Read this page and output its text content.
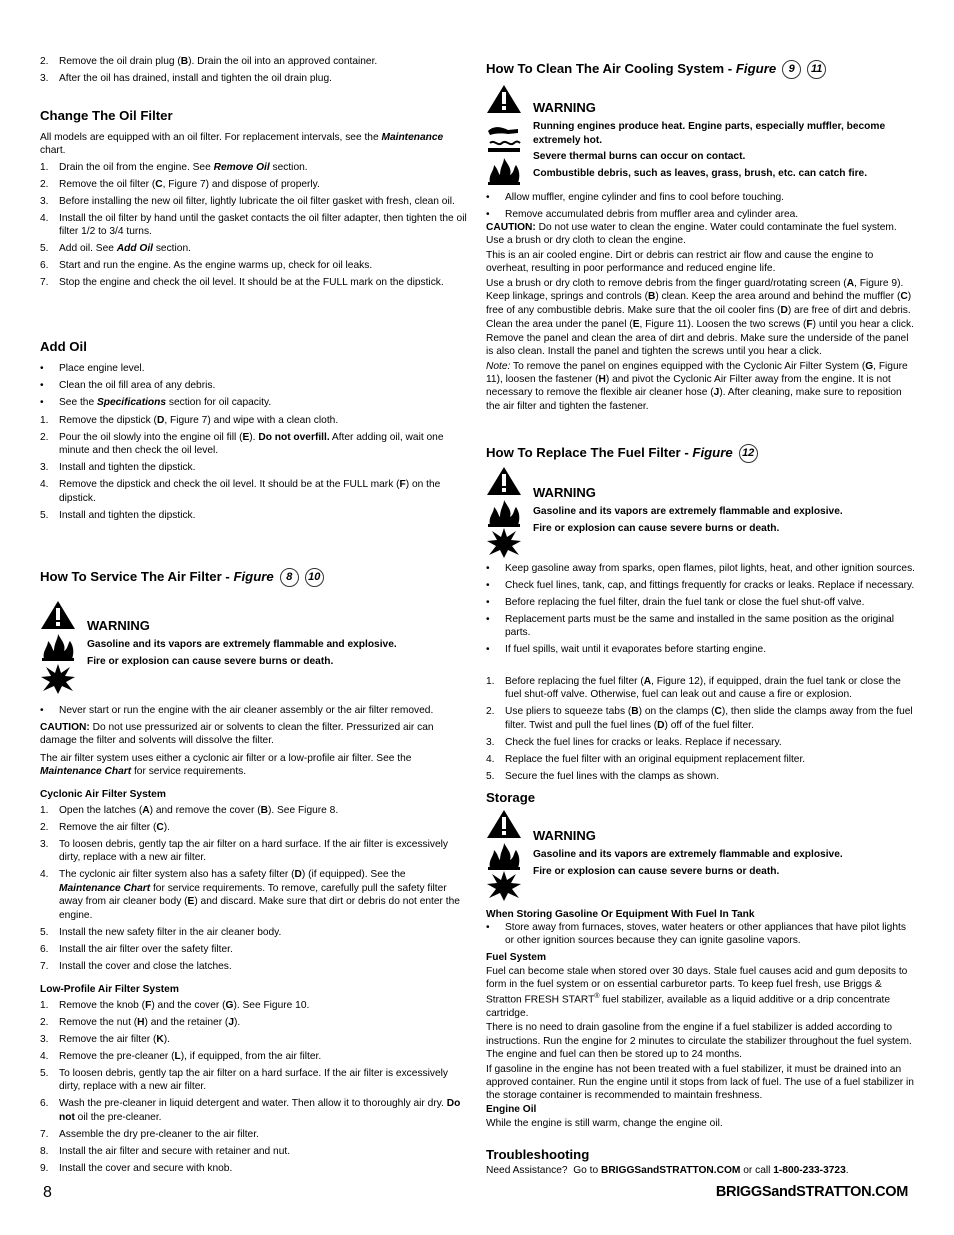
2. Remove the oil drain plug (B). Drain the oil into an approved container.
3. After the oil has drained, install and tighten the oil drain plug.
Change The Oil Filter

All models are equipped with an oil filter. For replacement intervals, see the Maintenance chart.

1. Drain the oil from the engine. See Remove Oil section.
2. Remove the oil filter (C, Figure 7) and dispose of properly.
3. Before installing the new oil filter, lightly lubricate the oil filter gasket with fresh, clean oil.
4. Install the oil filter by hand until the gasket contacts the oil filter adapter, then tighten the oil filter 1/2 to 3/4 turns.
5. Add oil. See Add Oil section.
6. Start and run the engine. As the engine warms up, check for oil leaks.
7. Stop the engine and check the oil level. It should be at the FULL mark on the dipstick.
Add Oil
• Place engine level.
• Clean the oil fill area of any debris.
• See the Specifications section for oil capacity.
1. Remove the dipstick (D, Figure 7) and wipe with a clean cloth.
2. Pour the oil slowly into the engine oil fill (E). Do not overfill. After adding oil, wait one minute and then check the oil level.
3. Install and tighten the dipstick.
4. Remove the dipstick and check the oil level. It should be at the FULL mark (F) on the dipstick.
5. Install and tighten the dipstick.
How To Service The Air Filter - Figure 8 10
WARNING
Gasoline and its vapors are extremely flammable and explosive.
Fire or explosion can cause severe burns or death.
• Never start or run the engine with the air cleaner assembly or the air filter removed.

CAUTION: Do not use pressurized air or solvents to clean the filter. Pressurized air can damage the filter and solvents will dissolve the filter.

The air filter system uses either a cyclonic air filter or a low-profile air filter. See the Maintenance Chart for service requirements.

Cyclonic Air Filter System
1. Open the latches (A) and remove the cover (B). See Figure 8.
2. Remove the air filter (C).
3. To loosen debris, gently tap the air filter on a hard surface. If the air filter is excessively dirty, replace with a new air filter.
4. The cyclonic air filter system also has a safety filter (D) (if equipped). See the Maintenance Chart for service requirements. To remove, carefully pull the safety filter away from air cleaner body (E) and discard. Make sure that dirt or debris do not enter the engine.
5. Install the new safety filter in the air cleaner body.
6. Install the air filter over the safety filter.
7. Install the cover and close the latches.
Low-Profile Air Filter System
1. Remove the knob (F) and the cover (G). See Figure 10.
2. Remove the nut (H) and the retainer (J).
3. Remove the air filter (K).
4. Remove the pre-cleaner (L), if equipped, from the air filter.
5. To loosen debris, gently tap the air filter on a hard surface. If the air filter is excessively dirty, replace with a new air filter.
6. Wash the pre-cleaner in liquid detergent and water. Then allow it to thoroughly air dry. Do not oil the pre-cleaner.
7. Assemble the dry pre-cleaner to the air filter.
8. Install the air filter and secure with retainer and nut.
9. Install the cover and secure with knob.
How To Clean The Air Cooling System - Figure 9 11
WARNING
Running engines produce heat. Engine parts, especially muffler, become extremely hot.
Severe thermal burns can occur on contact.
Combustible debris, such as leaves, grass, brush, etc. can catch fire.
• Allow muffler, engine cylinder and fins to cool before touching.
• Remove accumulated debris from muffler area and cylinder area.

CAUTION: Do not use water to clean the engine. Water could contaminate the fuel system. Use a brush or dry cloth to clean the engine.

This is an air cooled engine. Dirt or debris can restrict air flow and cause the engine to overheat, resulting in poor performance and reduced engine life.

Use a brush or dry cloth to remove debris from the finger guard/rotating screen (A, Figure 9). Keep linkage, springs and controls (B) clean. Keep the area around and behind the muffler (C) free of any combustible debris. Make sure that the oil cooler fins (D) are free of dirt and debris.

Clean the area under the panel (E, Figure 11). Loosen the two screws (F) until you hear a click. Remove the panel and clean the area of dirt and debris. Make sure the underside of the panel is also clean. Install the panel and tighten the screws until you hear a click.

Note: To remove the panel on engines equipped with the Cyclonic Air Filter System (G, Figure 11), loosen the fastener (H) and pivot the Cyclonic Air Filter away from the engine. It is not necessary to remove the flexible air cleaner hose (J). After cleaning, make sure to reposition the air filter and tighten the fastener.

How To Replace The Fuel Filter - Figure 12
WARNING
Gasoline and its vapors are extremely flammable and explosive.
Fire or explosion can cause severe burns or death.
• Keep gasoline away from sparks, open flames, pilot lights, heat, and other ignition sources.
• Check fuel lines, tank, cap, and fittings frequently for cracks or leaks. Replace if necessary.
• Before replacing the fuel filter, drain the fuel tank or close the fuel shut-off valve.
• Replacement parts must be the same and installed in the same position as the original parts.
• If fuel spills, wait until it evaporates before starting engine.
1. Before replacing the fuel filter (A, Figure 12), if equipped, drain the fuel tank or close the fuel shut-off valve. Otherwise, fuel can leak out and cause a fire or explosion.
2. Use pliers to squeeze tabs (B) on the clamps (C), then slide the clamps away from the fuel filter. Twist and pull the fuel lines (D) off of the fuel filter.
3. Check the fuel lines for cracks or leaks. Replace if necessary.
4. Replace the fuel filter with an original equipment replacement filter.
5. Secure the fuel lines with the clamps as shown.
Storage
WARNING
Gasoline and its vapors are extremely flammable and explosive.
Fire or explosion can cause severe burns or death.
When Storing Gasoline Or Equipment With Fuel In Tank
• Store away from furnaces, stoves, water heaters or other appliances that have pilot lights or other ignition sources because they can ignite gasoline vapors.
Fuel System

Fuel can become stale when stored over 30 days. Stale fuel causes acid and gum deposits to form in the fuel system or on essential carburetor parts. To keep fuel fresh, use Briggs & Stratton FRESH START® fuel stabilizer, available as a liquid additive or a drip concentrate cartridge.

There is no need to drain gasoline from the engine if a fuel stabilizer is added according to instructions. Run the engine for 2 minutes to circulate the stabilizer throughout the fuel system. The engine and fuel can then be stored up to 24 months.

If gasoline in the engine has not been treated with a fuel stabilizer, it must be drained into an approved container. Run the engine until it stops from lack of fuel. The use of a fuel stabilizer in the storage container is recommended to maintain freshness.

Engine Oil

While the engine is still warm, change the engine oil.

Troubleshooting

Need Assistance?  Go to BRIGGSandSTRATTON.COM or call 1-800-233-3723.

8	BRIGGSandSTRATTON.COM
